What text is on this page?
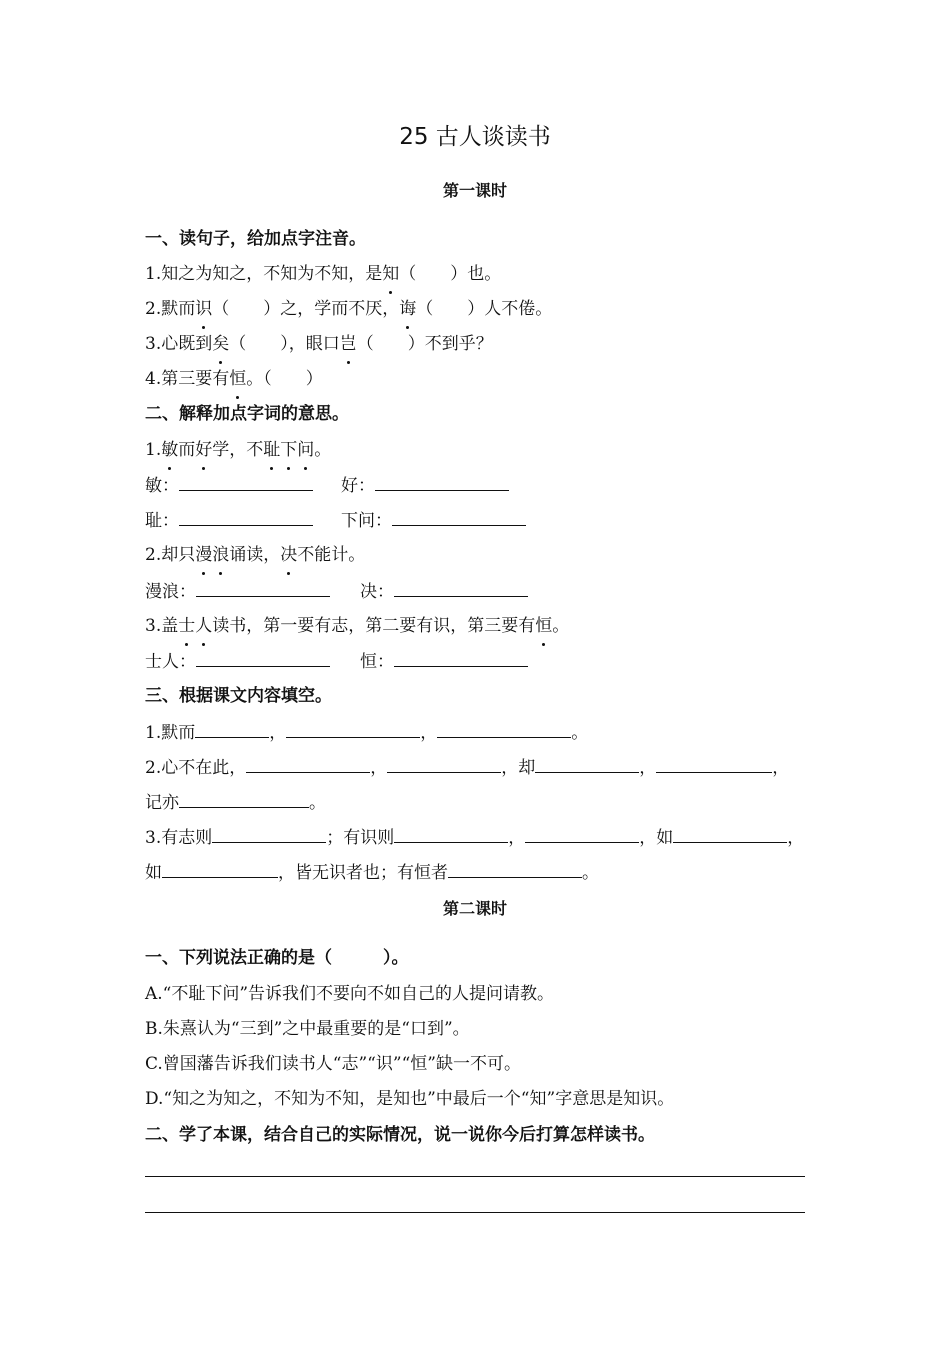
25 古人谈读书
第一课时
一、读句子，给加点字注音。
1.知之为知之，不知为不知，是知（　　）也。
2.默而识（　　）之，学而不厌，诲（　　）人不倦。
3.心既到矣（　　），眼口岂（　　）不到乎？
4.第三要有恒。（　　）
二、解释加点字词的意思。
1.敏而好学，不耻下问。
敏：	好：
耻：	下问：
2.却只漫浪诵读，决不能计。
漫浪：	决：
3.盖士人读书，第一要有志，第二要有识，第三要有恒。
士人：	恒：
三、根据课文内容填空。
1.默而	，	，	。
2.心不在此，	，	，却	，	，
记亦	。
3.有志则	；有识则	，	，如	，
如	，皆无识者也；有恒者	。
第二课时
一、下列说法正确的是（　　　）。
A.“不耻下问”告诉我们不要向不如自己的人提问请教。
B.朱熹认为“三到”之中最重要的是“口到”。
C.曾国藩告诉我们读书人“志”“识”“恒”缺一不可。
D.“知之为知之，不知为不知，是知也”中最后一个“知”字意思是知识。
二、学了本课，结合自己的实际情况，说一说你今后打算怎样读书。
